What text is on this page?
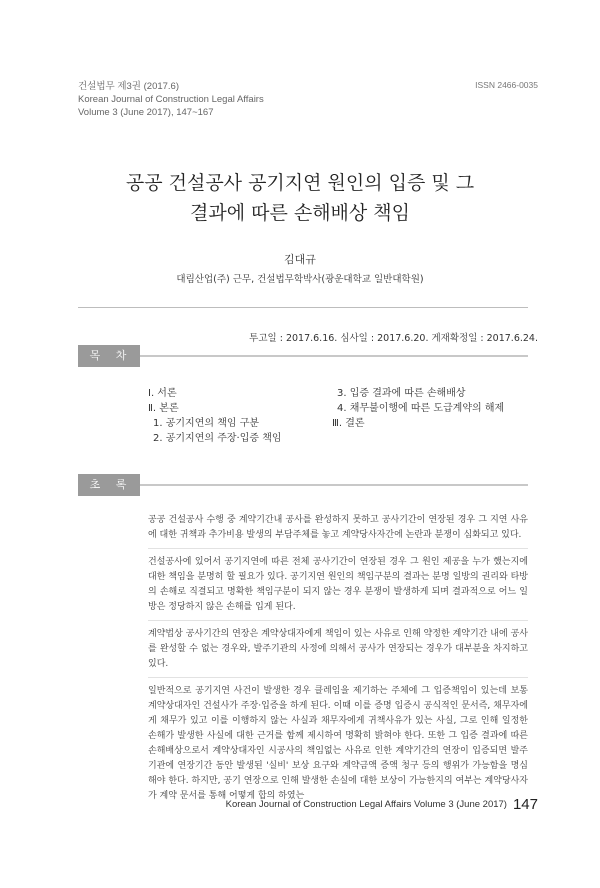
건설법무 제3권 (2017.6)
Korean Journal of Construction Legal Affairs
Volume 3 (June 2017), 147~167
ISSN 2466-0035
공공 건설공사 공기지연 원인의 입증 및 그
결과에 따른 손해배상 책임
김대규
대림산업(주) 근무, 건설법무학박사(광운대학교 일반대학원)
투고일 : 2017.6.16. 심사일 : 2017.6.20. 게재확정일 : 2017.6.24.
목 차
Ⅰ. 서론
Ⅱ. 본론
1. 공기지연의 책임 구분
2. 공기지연의 주장·입증 책임
3. 입증 결과에 따른 손해배상
4. 채무불이행에 따른 도급계약의 해제
Ⅲ. 결론
초 록

공공 건설공사 수행 중 계약기간내 공사를 완성하지 못하고 공사기간이 연장된 경우 그 지연 사유에 대한 귀책과 추가비용 발생의 부담주체를 놓고 계약당사자간에 논란과 분쟁이 심화되고 있다.

건설공사에 있어서 공기지연에 따른 전체 공사기간이 연장된 경우 그 원인 제공을 누가 했는지에 대한 책임을 분명히 할 필요가 있다. 공기지연 원인의 책임구분의 결과는 분명 일방의 권리와 타방의 손해로 직결되고 명확한 책임구분이 되지 않는 경우 분쟁이 발생하게 되며 결과적으로 어느 일방은 정당하지 않은 손해를 입게 된다.

계약법상 공사기간의 연장은 계약상대자에게 책임이 있는 사유로 인해 약정한 계약기간 내에 공사를 완성할 수 없는 경우와, 발주기관의 사정에 의해서 공사가 연장되는 경우가 대부분을 차지하고 있다.

일반적으로 공기지연 사건이 발생한 경우 클레임을 제기하는 주체에 그 입증책임이 있는데 보통 계약상대자인 건설사가 주장·입증을 하게 된다. 이때 이를 증명 입증시 공식적인 문서즉, 채무자에게 채무가 있고 이를 이행하지 않는 사실과 채무자에게 귀책사유가 있는 사실, 그로 인해 일정한 손해가 발생한 사실에 대한 근거를 함께 제시하여 명확히 밝혀야 한다. 또한 그 입증 결과에 따른 손해배상으로서 계약상대자인 시공사의 책임없는 사유로 인한 계약기간의 연장이 입증되면 발주기관에 연장기간 동안 발생된 '실비' 보상 요구와 계약금액 증액 청구 등의 행위가 가능함을 명심해야 한다. 하지만, 공기 연장으로 인해 발생한 손실에 대한 보상이 가능한지의 여부는 계약당사자가 계약 문서를 통해 어떻게 합의 하였는

Korean Journal of Construction Legal Affairs Volume 3 (June 2017) 147
